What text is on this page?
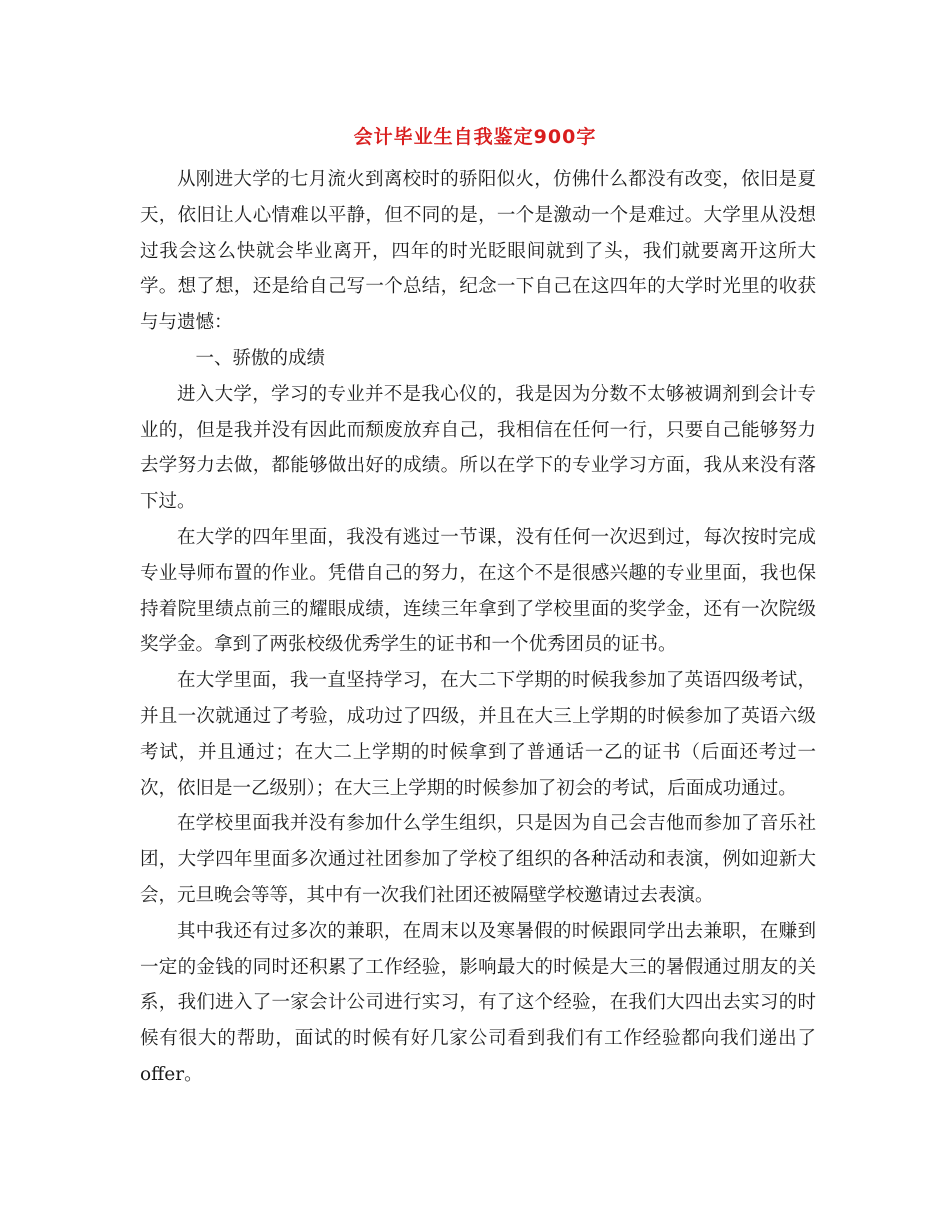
会计毕业生自我鉴定900字

从刚进大学的七月流火到离校时的骄阳似火，仿佛什么都没有改变，依旧是夏天，依旧让人心情难以平静，但不同的是，一个是激动一个是难过。大学里从没想过我会这么快就会毕业离开，四年的时光眨眼间就到了头，我们就要离开这所大学。想了想，还是给自己写一个总结，纪念一下自己在这四年的大学时光里的收获与与遗憾：

一、骄傲的成绩

进入大学，学习的专业并不是我心仪的，我是因为分数不太够被调剂到会计专业的，但是我并没有因此而颓废放弃自己，我相信在任何一行，只要自己能够努力去学努力去做，都能够做出好的成绩。所以在学下的专业学习方面，我从来没有落下过。

在大学的四年里面，我没有逃过一节课，没有任何一次迟到过，每次按时完成专业导师布置的作业。凭借自己的努力，在这个不是很感兴趣的专业里面，我也保持着院里绩点前三的耀眼成绩，连续三年拿到了学校里面的奖学金，还有一次院级奖学金。拿到了两张校级优秀学生的证书和一个优秀团员的证书。

在大学里面，我一直坚持学习，在大二下学期的时候我参加了英语四级考试，并且一次就通过了考验，成功过了四级，并且在大三上学期的时候参加了英语六级考试，并且通过；在大二上学期的时候拿到了普通话一乙的证书（后面还考过一次，依旧是一乙级别）；在大三上学期的时候参加了初会的考试，后面成功通过。

在学校里面我并没有参加什么学生组织，只是因为自己会吉他而参加了音乐社团，大学四年里面多次通过社团参加了学校了组织的各种活动和表演，例如迎新大会，元旦晚会等等，其中有一次我们社团还被隔壁学校邀请过去表演。

其中我还有过多次的兼职，在周末以及寒暑假的时候跟同学出去兼职，在赚到一定的金钱的同时还积累了工作经验，影响最大的时候是大三的暑假通过朋友的关系，我们进入了一家会计公司进行实习，有了这个经验，在我们大四出去实习的时候有很大的帮助，面试的时候有好几家公司看到我们有工作经验都向我们递出了offer。
